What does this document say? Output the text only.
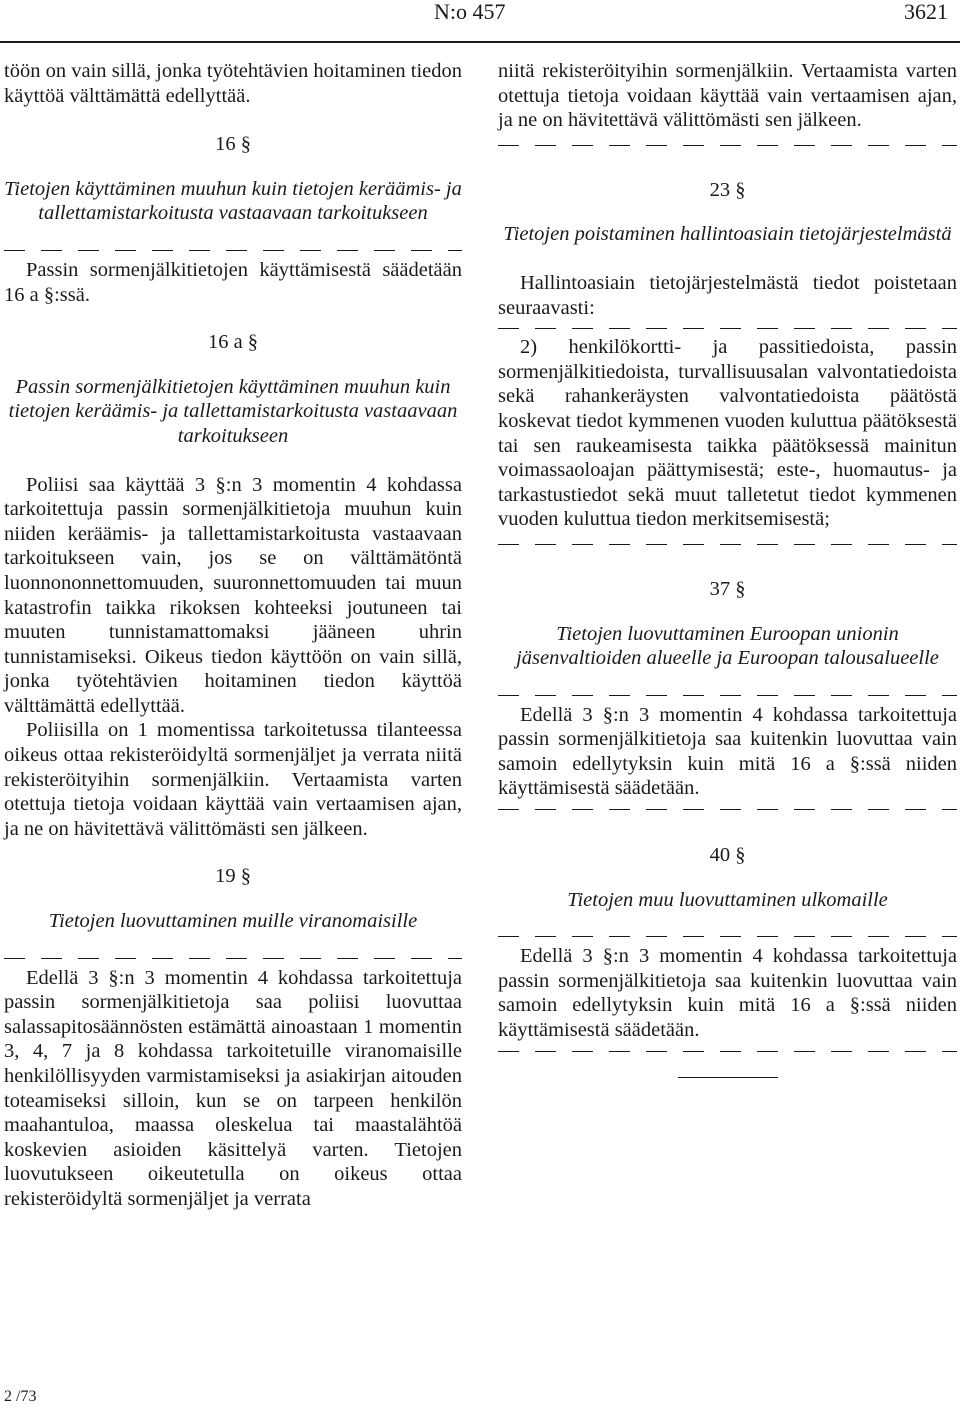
N:o 457	3621

töön on vain sillä, jonka työtehtävien hoitaminen tiedon käyttöä välttämättä edellyttää.

16 §

Tietojen käyttäminen muuhun kuin tietojen keräämis- ja tallettamistarkoitusta vastaavaan tarkoitukseen

Passin sormenjälkitietojen käyttämisestä säädetään 16 a §:ssä.

16 a §

Passin sormenjälkitietojen käyttäminen muuhun kuin tietojen keräämis- ja tallettamistarkoitusta vastaavaan tarkoitukseen

Poliisi saa käyttää 3 §:n 3 momentin 4 kohdassa tarkoitettuja passin sormenjälkitietoja muuhun kuin niiden keräämis- ja tallettamistarkoitusta vastaavaan tarkoitukseen vain, jos se on välttämätöntä luonnononnettomuuden, suuronnettomuuden tai muun katastrofin taikka rikoksen kohteeksi joutuneen tai muuten tunnistamattomaksi jääneen uhrin tunnistamiseksi. Oikeus tiedon käyttöön on vain sillä, jonka työtehtävien hoitaminen tiedon käyttöä välttämättä edellyttää.

Poliisilla on 1 momentissa tarkoitetussa tilanteessa oikeus ottaa rekisteröidyltä sormenjäljet ja verrata niitä rekisteröityihin sormenjälkiin. Vertaamista varten otettuja tietoja voidaan käyttää vain vertaamisen ajan, ja ne on hävitettävä välittömästi sen jälkeen.

19 §

Tietojen luovuttaminen muille viranomaisille

Edellä 3 §:n 3 momentin 4 kohdassa tarkoitettuja passin sormenjälkitietoja saa poliisi luovuttaa salassapitosäännösten estämättä ainoastaan 1 momentin 3, 4, 7 ja 8 kohdassa tarkoitetuille viranomaisille henkilöllisyyden varmistamiseksi ja asiakirjan aitouden toteamiseksi silloin, kun se on tarpeen henkilön maahantuloa, maassa oleskelua tai maastalähtöä koskevien asioiden käsittelyä varten. Tietojen luovutukseen oikeutetulla on oikeus ottaa rekisteröidyltä sormenjäljet ja verrata

niitä rekisteröityihin sormenjälkiin. Vertaamista varten otettuja tietoja voidaan käyttää vain vertaamisen ajan, ja ne on hävitettävä välittömästi sen jälkeen.

23 §

Tietojen poistaminen hallintoasiain tietojärjestelmästä

Hallintoasiain tietojärjestelmästä tiedot poistetaan seuraavasti:

2) henkilökortti- ja passitiedoista, passin sormenjälkitiedoista, turvallisuusalan valvontatiedoista sekä rahankeräysten valvontatiedoista päätöstä koskevat tiedot kymmenen vuoden kuluttua päätöksestä tai sen raukeamisesta taikka päätöksessä mainitun voimassaoloajan päättymisestä; este-, huomautus- ja tarkastustiedot sekä muut talletetut tiedot kymmenen vuoden kuluttua tiedon merkitsemisestä;

37 §

Tietojen luovuttaminen Euroopan unionin jäsenvaltioiden alueelle ja Euroopan talousalueelle

Edellä 3 §:n 3 momentin 4 kohdassa tarkoitettuja passin sormenjälkitietoja saa kuitenkin luovuttaa vain samoin edellytyksin kuin mitä 16 a §:ssä niiden käyttämisestä säädetään.

40 §

Tietojen muu luovuttaminen ulkomaille

Edellä 3 §:n 3 momentin 4 kohdassa tarkoitettuja passin sormenjälkitietoja saa kuitenkin luovuttaa vain samoin edellytyksin kuin mitä 16 a §:ssä niiden käyttämisestä säädetään.

2 /73
